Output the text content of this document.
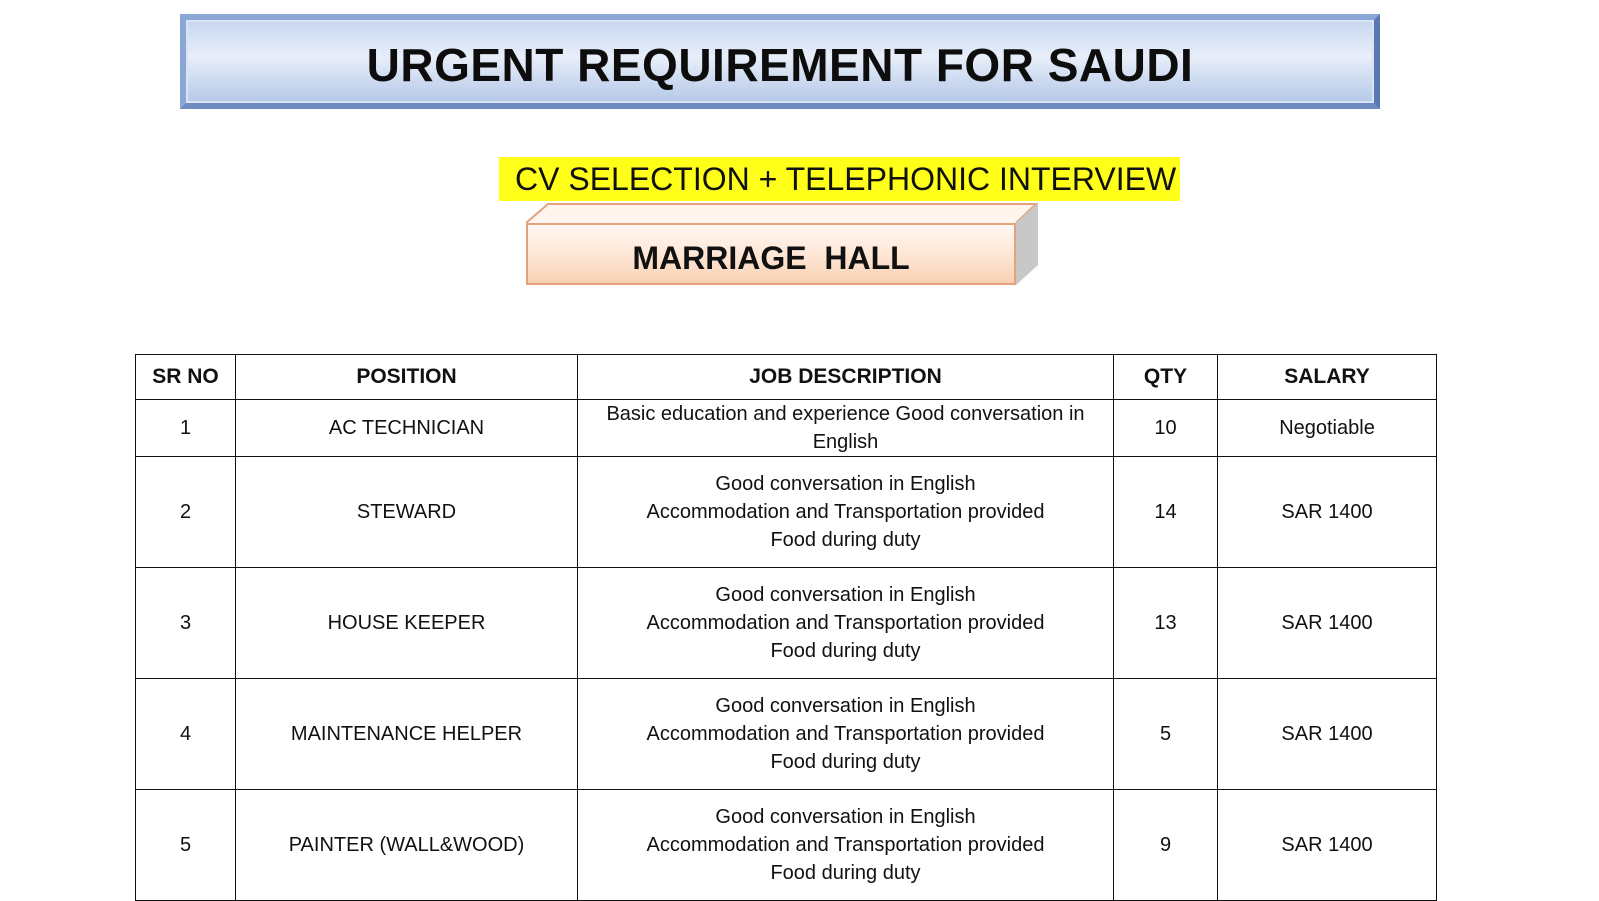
URGENT REQUIREMENT FOR SAUDI
CV SELECTION + TELEPHONIC INTERVIEW
MARRIAGE  HALL
SR NO	POSITION	JOB DESCRIPTION	QTY	SALARY
1	AC TECHNICIAN	Basic education and experience Good conversation in English	10	Negotiable
2	STEWARD	Good conversation in English
Accommodation and Transportation provided
Food during duty	14	SAR 1400
3	HOUSE KEEPER	Good conversation in English
Accommodation and Transportation provided
Food during duty	13	SAR 1400
4	MAINTENANCE HELPER	Good conversation in English
Accommodation and Transportation provided
Food during duty	5	SAR 1400
5	PAINTER (WALL&WOOD)	Good conversation in English
Accommodation and Transportation provided
Food during duty	9	SAR 1400
